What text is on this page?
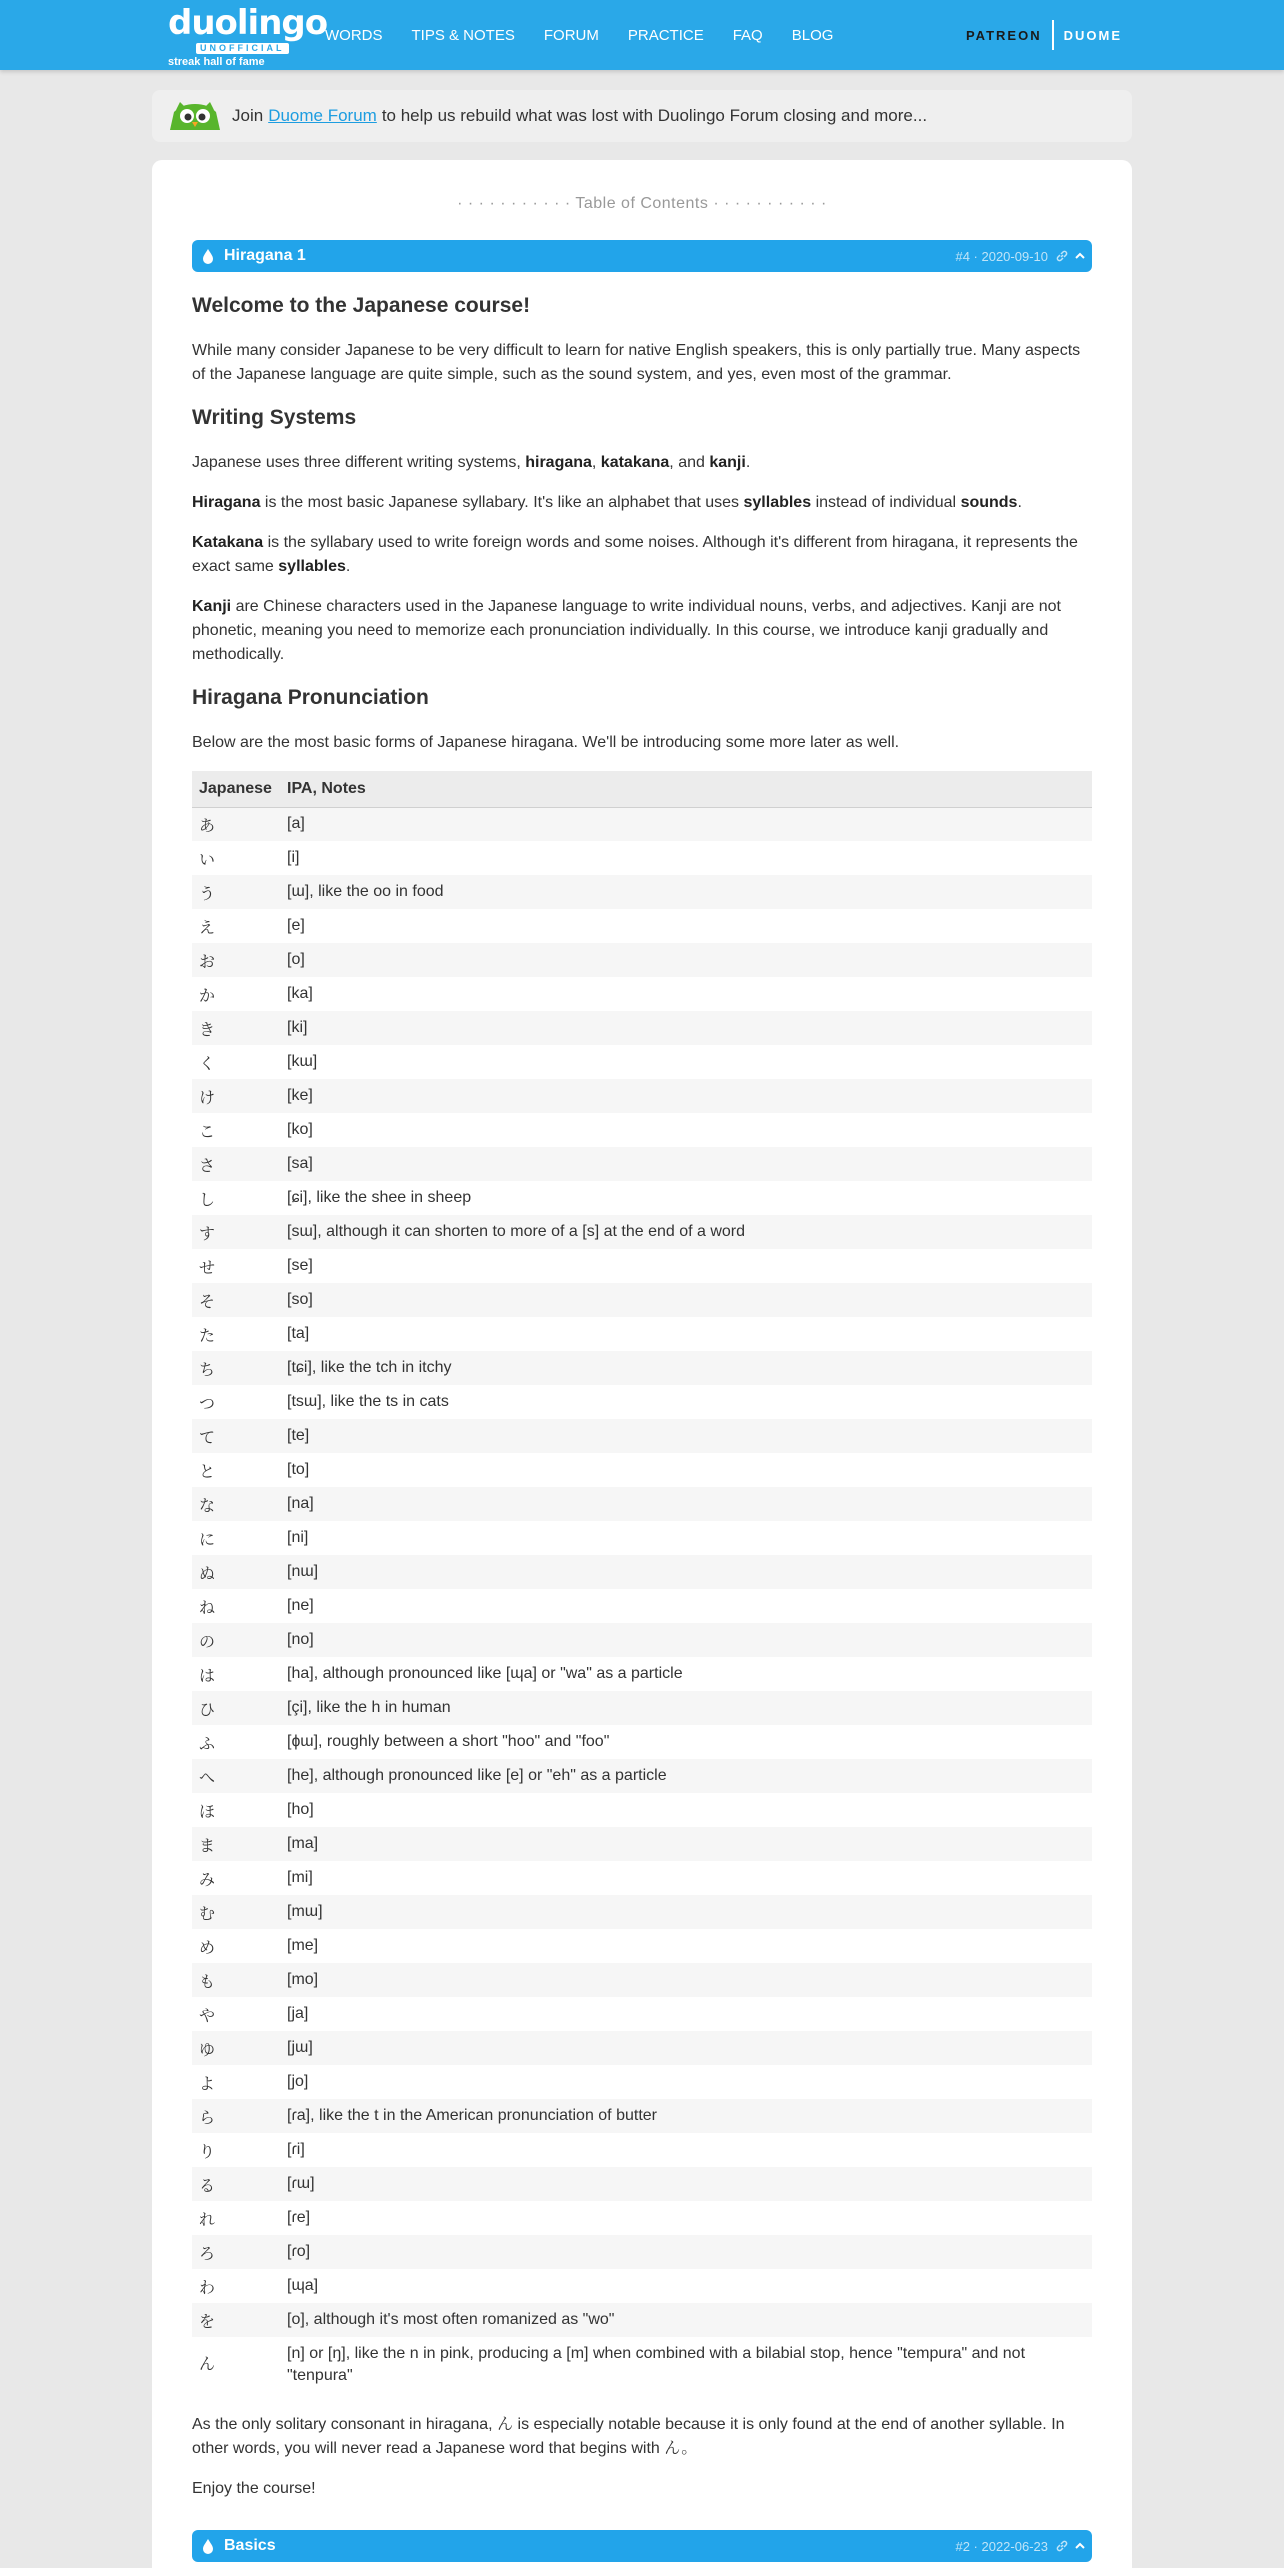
duolingo
UNOFFICIAL
streak hall of fame
WORDS TIPS & NOTES FORUM PRACTICE FAQ BLOG	PATREON DUOME
Join Duome Forum to help us rebuild what was lost with Duolingo Forum closing and more...
· · · · · · · · · · · Table of Contents · · · · · · · · · · ·
Hiragana 1	#4 · 2020-09-10
Welcome to the Japanese course!

While many consider Japanese to be very difficult to learn for native English speakers, this is only partially true. Many aspects of the Japanese language are quite simple, such as the sound system, and yes, even most of the grammar.

Writing Systems

Japanese uses three different writing systems, hiragana, katakana, and kanji.

Hiragana is the most basic Japanese syllabary. It's like an alphabet that uses syllables instead of individual sounds.

Katakana is the syllabary used to write foreign words and some noises. Although it's different from hiragana, it represents the exact same syllables.

Kanji are Chinese characters used in the Japanese language to write individual nouns, verbs, and adjectives. Kanji are not phonetic, meaning you need to memorize each pronunciation individually. In this course, we introduce kanji gradually and methodically.

Hiragana Pronunciation

Below are the most basic forms of Japanese hiragana. We'll be introducing some more later as well.

Japanese	IPA, Notes
あ	[a]
い	[i]
う	[ɯ], like the oo in food
え	[e]
お	[o]
か	[ka]
き	[ki]
く	[kɯ]
け	[ke]
こ	[ko]
さ	[sa]
し	[ɕi], like the shee in sheep
す	[sɯ], although it can shorten to more of a [s] at the end of a word
せ	[se]
そ	[so]
た	[ta]
ち	[tɕi], like the tch in itchy
つ	[tsɯ], like the ts in cats
て	[te]
と	[to]
な	[na]
に	[ni]
ぬ	[nɯ]
ね	[ne]
の	[no]
は	[ha], although pronounced like [ɰa] or "wa" as a particle
ひ	[çi], like the h in human
ふ	[ɸɯ], roughly between a short "hoo" and "foo"
へ	[he], although pronounced like [e] or "eh" as a particle
ほ	[ho]
ま	[ma]
み	[mi]
む	[mɯ]
め	[me]
も	[mo]
や	[ja]
ゆ	[jɯ]
よ	[jo]
ら	[ɾa], like the t in the American pronunciation of butter
り	[ɾi]
る	[ɾɯ]
れ	[ɾe]
ろ	[ɾo]
わ	[ɰa]
を	[o], although it's most often romanized as "wo"
ん	[n] or [ŋ], like the n in pink, producing a [m] when combined with a bilabial stop, hence "tempura" and not "tenpura"

As the only solitary consonant in hiragana, ん is especially notable because it is only found at the end of another syllable. In other words, you will never read a Japanese word that begins with ん。

Enjoy the course!

Basics	#2 · 2022-06-23
